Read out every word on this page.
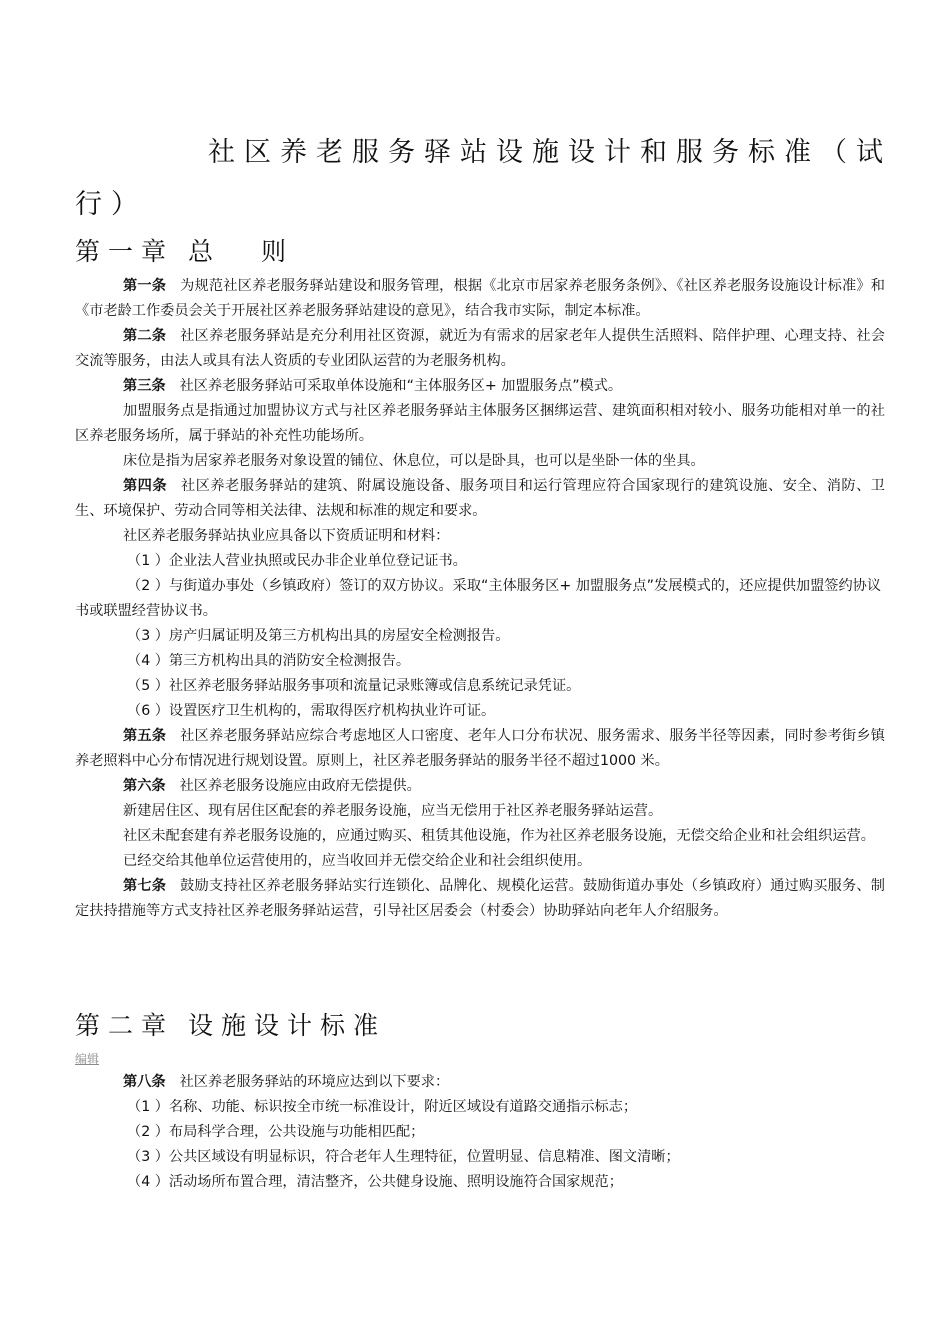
社区养老服务驿站设施设计和服务标准（试
行）
第一章 总 则

第一条 为规范社区养老服务驿站建设和服务管理，根据《北京市居家养老服务条例》、《社区养老服务设施设计标准》和《市老龄工作委员会关于开展社区养老服务驿站建设的意见》，结合我市实际，制定本标准。

第二条 社区养老服务驿站是充分利用社区资源，就近为有需求的居家老年人提供生活照料、陪伴护理、心理支持、社会交流等服务，由法人或具有法人资质的专业团队运营的为老服务机构。

第三条 社区养老服务驿站可采取单体设施和“主体服务区+ 加盟服务点”模式。

加盟服务点是指通过加盟协议方式与社区养老服务驿站主体服务区捆绑运营、建筑面积相对较小、服务功能相对单一的社区养老服务场所，属于驿站的补充性功能场所。

床位是指为居家养老服务对象设置的铺位、休息位，可以是卧具，也可以是坐卧一体的坐具。

第四条 社区养老服务驿站的建筑、附属设施设备、服务项目和运行管理应符合国家现行的建筑设施、安全、消防、卫生、环境保护、劳动合同等相关法律、法规和标准的规定和要求。

社区养老服务驿站执业应具备以下资质证明和材料：

（1 ）企业法人营业执照或民办非企业单位登记证书。

（2 ）与街道办事处（乡镇政府）签订的双方协议。采取“主体服务区+ 加盟服务点”发展模式的，还应提供加盟签约协议书或联盟经营协议书。

（3 ）房产归属证明及第三方机构出具的房屋安全检测报告。

（4 ）第三方机构出具的消防安全检测报告。

（5 ）社区养老服务驿站服务事项和流量记录账簿或信息系统记录凭证。

（6 ）设置医疗卫生机构的，需取得医疗机构执业许可证。

第五条 社区养老服务驿站应综合考虑地区人口密度、老年人口分布状况、服务需求、服务半径等因素，同时参考街乡镇养老照料中心分布情况进行规划设置。原则上，社区养老服务驿站的服务半径不超过1000 米。

第六条 社区养老服务设施应由政府无偿提供。

新建居住区、现有居住区配套的养老服务设施，应当无偿用于社区养老服务驿站运营。

社区未配套建有养老服务设施的，应通过购买、租赁其他设施，作为社区养老服务设施，无偿交给企业和社会组织运营。

已经交给其他单位运营使用的，应当收回并无偿交给企业和社会组织使用。

第七条 鼓励支持社区养老服务驿站实行连锁化、品牌化、规模化运营。鼓励街道办事处（乡镇政府）通过购买服务、制定扶持措施等方式支持社区养老服务驿站运营，引导社区居委会（村委会）协助驿站向老年人介绍服务。

第二章 设施设计标准
编辑

第八条 社区养老服务驿站的环境应达到以下要求：

（1 ）名称、功能、标识按全市统一标准设计，附近区域设有道路交通指示标志；

（2 ）布局科学合理，公共设施与功能相匹配；

（3 ）公共区域设有明显标识，符合老年人生理特征，位置明显、信息精准、图文清晰；

（4 ）活动场所布置合理，清洁整齐，公共健身设施、照明设施符合国家规范；
